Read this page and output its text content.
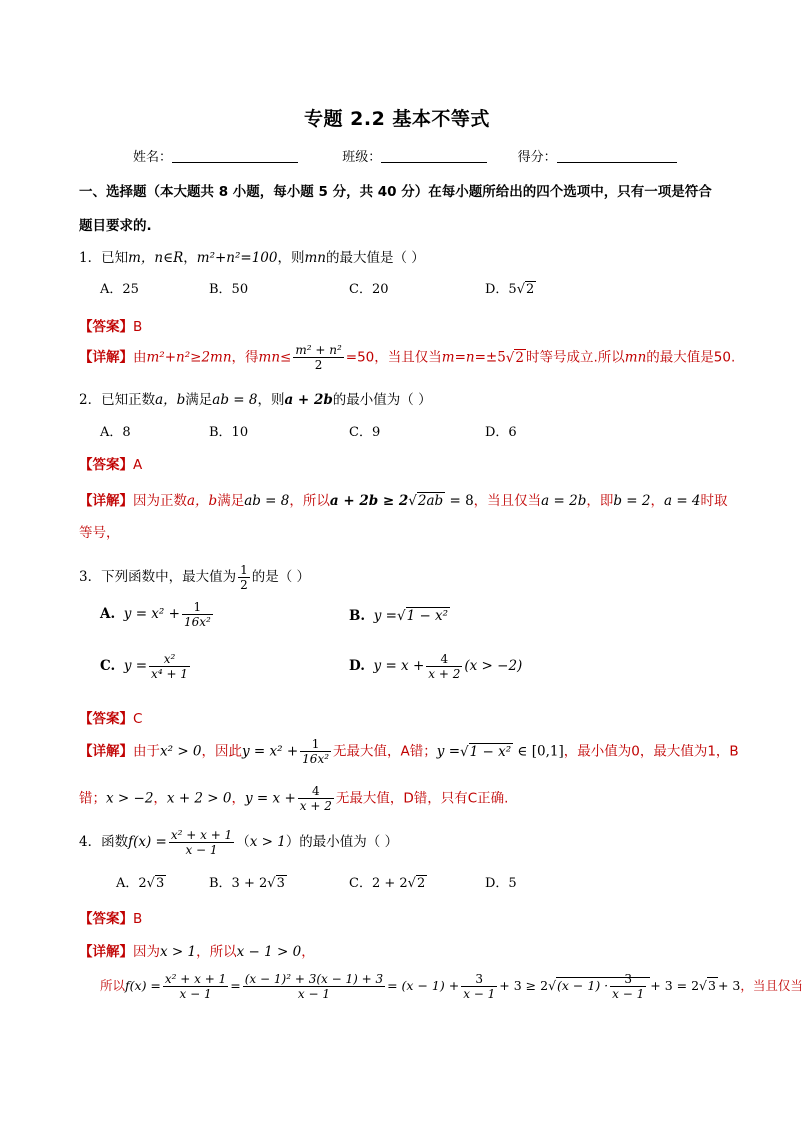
专题 2.2 基本不等式
姓名：	班级：	得分：
一、选择题（本大题共 8 小题，每小题 5 分，共 40 分）在每小题所给出的四个选项中，只有一项是符合题目要求的.
1．已知m，n∈R，m²+n²=100，则mn的最大值是（ ）
A．25	B．50	C．20	D．5√2
【答案】B
【详解】由m²+n²≥2mn，得$mn\le \frac{\text{m² + n²}}{2} =50$，当且仅当m=n=±5√2 时等号成立.所以mn的最大值是50.
2．已知正数a，b满足ab = 8，则a + 2b的最小值为（ ）
A．8	B．10	C．9	D．6
【答案】A
【详解】因为正数a，b满足ab = 8，所以a + 2b ≥ 2√2ab = 8，当且仅当a = 2b，即b = 2，a = 4时取
等号，
3．下列函数中，最大值为 $\frac{1}{2}$ 的是（ ）
A. $y = x^2 + \frac{1}{\text{16x²}}$	B. y =√1 − x²
C. $y = \frac{\text{x²}}{\text{x⁴ + 1}}$	D. $y = x + \frac{4}{x + 2} (x > -2)$
【答案】C
【详解】由于x² > 0，因此$y = x^2 + \frac{1}{\text{16x²}}$ 无最大值，A错；y =√1 − x² ∈ [0,1]，最小值为0，最大值为1，B
错；x > −2，x + 2 > 0，$y = x + \frac{4}{x + 2}$ 无最大值，D错，只有C正确.
4．函数$f(x) = \frac{\text{x² + x + 1}}{x - 1} (x > 1)$的最小值为（ ）
A．2√3	B．3 + 2√3	C．2 + 2√2	D．5
【答案】B
【详解】因为x > 1，所以x − 1 > 0，
所以$f(x) = \frac{\text{x² + x + 1}}{x - 1} = \frac{\text{(x − 1)² + 3(x − 1) + 3}}{x - 1} = (x - 1) + \frac{3}{x - 1} + 3 \ge 2√(x - 1) \cdot \frac{3}{x - 1} + 3 = 2√3 + 3$，当且仅当
